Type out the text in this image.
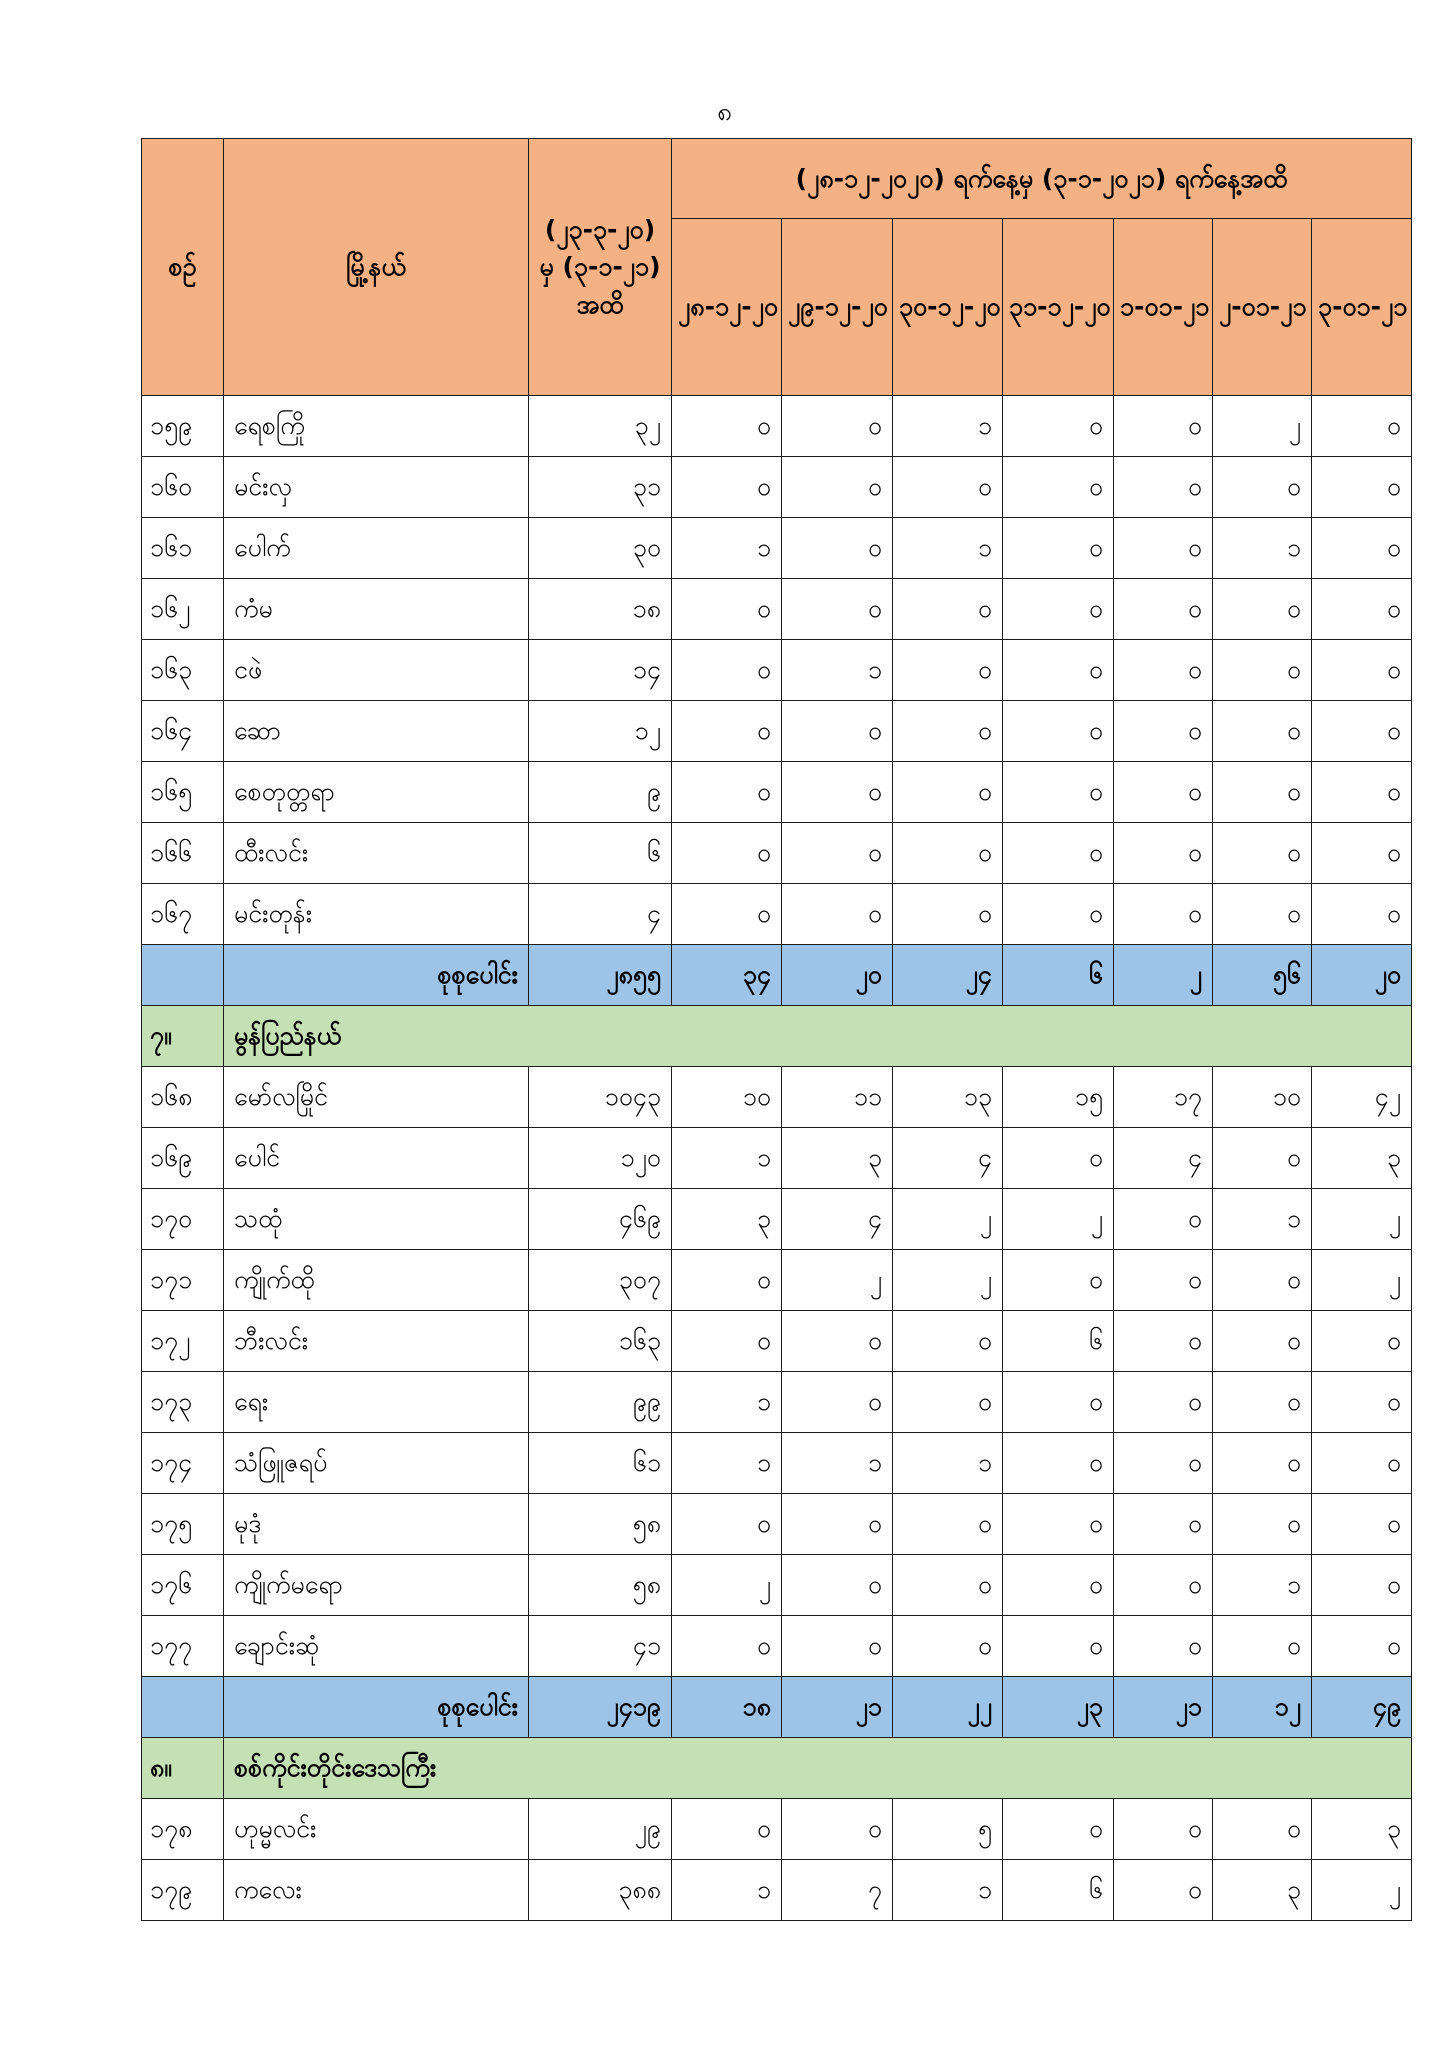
၈
စဉ်	မြို့နယ်	(၂၃-၃-၂၀) မှ (၃-၁-၂၁) အထိ	(၂၈-၁၂-၂၀၂၀) ရက်နေ့မှ (၃-၁-၂၀၂၁) ရက်နေ့အထိ						
			၂၈-၁၂-၂၀	၂၉-၁၂-၂၀	၃၀-၁၂-၂၀	၃၁-၁၂-၂၀	၁-၀၁-၂၁	၂-၀၁-၂၁	၃-၀၁-၂၁
၁၅၉	ရေစကြို	၃၂	၀	၀	၁	၀	၀	၂	၀
၁၆၀	မင်းလှ	၃၁	၀	၀	၀	၀	၀	၀	၀
၁၆၁	ပေါက်	၃၀	၁	၀	၁	၀	၀	၁	၀
၁၆၂	ကံမ	၁၈	၀	၀	၀	၀	၀	၀	၀
၁၆၃	ငဖဲ	၁၄	၀	၁	၀	၀	၀	၀	၀
၁၆၄	ဆော	၁၂	၀	၀	၀	၀	၀	၀	၀
၁၆၅	စေတုတ္တရာ	၉	၀	၀	၀	၀	၀	၀	၀
၁၆၆	ထီးလင်း	၆	၀	၀	၀	၀	၀	၀	၀
၁၆၇	မင်းတုန်း	၄	၀	၀	၀	၀	၀	၀	၀
	စုစုပေါင်း	၂၈၅၅	၃၄	၂၀	၂၄	၆	၂	၅၆	၂၀
၇။	မွန်ပြည်နယ်								
၁၆၈	မော်လမြိုင်	၁၀၄၃	၁၀	၁၁	၁၃	၁၅	၁၇	၁၀	၄၂
၁၆၉	ပေါင်	၁၂၀	၁	၃	၄	၀	၄	၀	၃
၁၇၀	သထုံ	၄၆၉	၃	၄	၂	၂	၀	၁	၂
၁၇၁	ကျိုက်ထို	၃၀၇	၀	၂	၂	၀	၀	၀	၂
၁၇၂	ဘီးလင်း	၁၆၃	၀	၀	၀	၆	၀	၀	၀
၁၇၃	ရေး	၉၉	၁	၀	၀	၀	၀	၀	၀
၁၇၄	သံဖြူဇရပ်	၆၁	၁	၁	၁	၀	၀	၀	၀
၁၇၅	မုဒုံ	၅၈	၀	၀	၀	၀	၀	၀	၀
၁၇၆	ကျိုက်မရော	၅၈	၂	၀	၀	၀	၀	၁	၀
၁၇၇	ချောင်းဆုံ	၄၁	၀	၀	၀	၀	၀	၀	၀
	စုစုပေါင်း	၂၄၁၉	၁၈	၂၁	၂၂	၂၃	၂၁	၁၂	၄၉
၈။	စစ်ကိုင်းတိုင်းဒေသကြီး								
၁၇၈	ဟုမ္မလင်း	၂၉	၀	၀	၅	၀	၀	၀	၃
၁၇၉	ကလေး	၃၈၈	၁	၇	၁	၆	၀	၃	၂
